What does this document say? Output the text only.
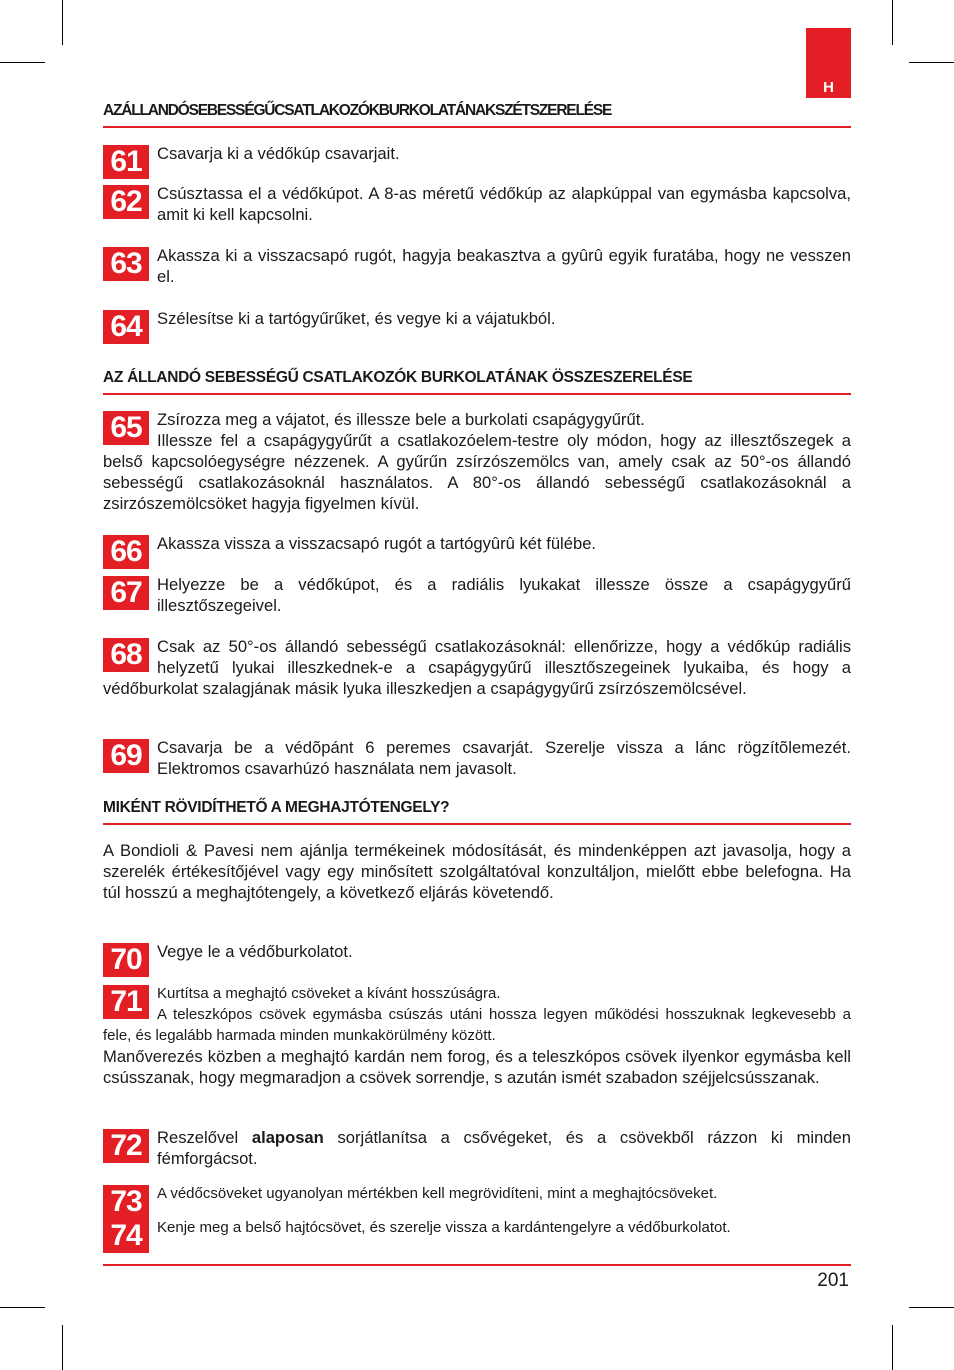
H
AZÁLLANDÓSEBESSÉGŰCSATLAKOZÓKBURKOLATÁNAKSZÉTSZERELÉSE
61 Csavarja ki a védőkúp csavarjait.
62 Csúsztassa el a védőkúpot. A 8-as méretű védőkúp az alapkúppal van egymásba kapcsolva, amit ki kell kapcsolni.
63 Akassza ki a visszacsapó rugót, hagyja beakasztva a gyûrû egyik furatába, hogy ne vesszen el.
64 Szélesítse ki a tartógyűrűket, és vegye ki a vájatukból.
AZ ÁLLANDÓ SEBESSÉGŰ CSATLAKOZÓK BURKOLATÁNAK ÖSSZESZERELÉSE
65 Zsírozza meg a vájatot, és illessze bele a burkolati csapágygyűrűt.
Illessze fel a csapágygyűrűt a csatlakozóelem-testre oly módon, hogy az illesztőszegek a belső kapcsolóegységre nézzenek. A gyűrűn zsírzószemölcs van, amely csak az 50°-os állandó sebességű csatlakozásoknál használatos. A 80°-os állandó sebességű csatlakozásoknál a zsirzószemölcsöket hagyja figyelmen kívül.
66 Akassza vissza a visszacsapó rugót a tartógyûrû két fülébe.
67 Helyezze be a védőkúpot, és a radiális lyukakat illessze össze a csapágygyűrű illesztőszegeivel.
68 Csak az 50°-os állandó sebességű csatlakozásoknál: ellenőrizze, hogy a védőkúp radiális helyzetű lyukai illeszkednek-e a csapágygyűrű illesztőszegeinek lyukaiba, és hogy a védőburkolat szalagjának másik lyuka illeszkedjen a csapágygyűrű zsírzószemölcsével.
69 Csavarja be a védõpánt 6 peremes csavarját. Szerelje vissza a lánc rögzítõlemezét. Elektromos csavarhúzó használata nem javasolt.
MIKÉNT RÖVIDÍTHETŐ A MEGHAJTÓTENGELY?
A Bondioli & Pavesi nem ajánlja termékeinek módosítását, és mindenképpen azt javasolja, hogy a szerelék értékesítőjével vagy egy minősített szolgáltatóval konzultáljon, mielőtt ebbe belefogna. Ha túl hosszú a meghajtótengely, a következő eljárás követendő.
70 Vegye le a védőburkolatot.
71	Kurtítsa a meghajtó csöveket a kívánt hosszúságra.
A teleszkópos csövek egymásba csúszás utáni hossza legyen működési hosszuknak legkevesebb a fele, és legalább harmada minden munkakörülmény között.
Manőverezés közben a meghajtó kardán nem forog, és a teleszkópos csövek ilyenkor egymásba kell csússzanak, hogy megmaradjon a csövek sorrendje, s azután ismét szabadon széjjelcsússzanak.
72 Reszelővel alaposan sorjátlanítsa a csővégeket, és a csövekből rázzon ki minden fémforgácsot.
73	A védőcsöveket ugyanolyan mértékben kell megrövidíteni, mint a meghajtócsöveket.
74	Kenje meg a belső hajtócsövet, és szerelje vissza a kardántengelyre a védőburkolatot.
201
